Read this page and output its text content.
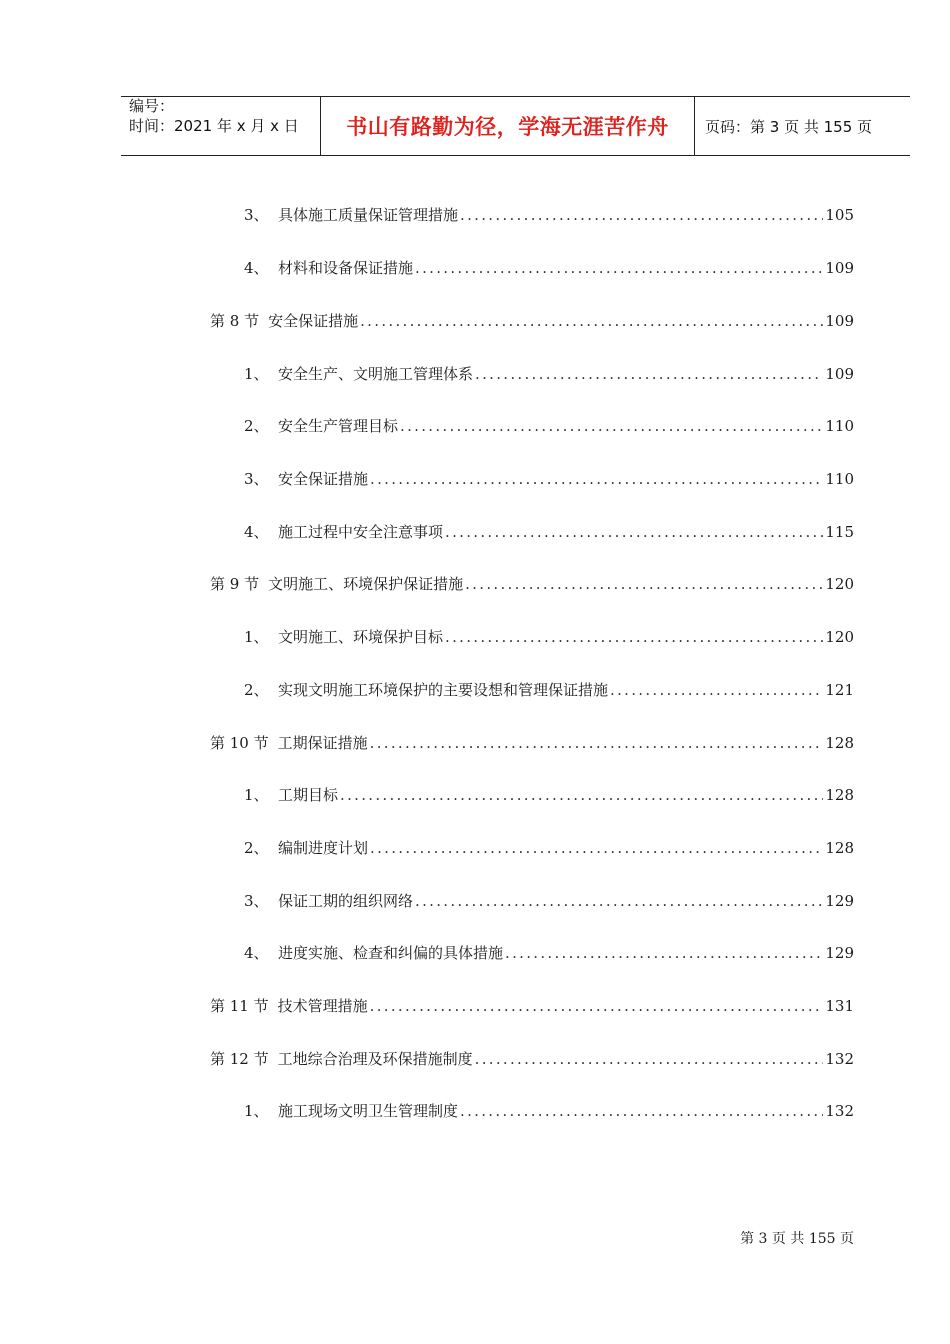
编号：
时间：2021 年 x 月 x 日 书山有路勤为径，学海无涯苦作舟 页码：第 3 页 共 155 页
3、 具体施工质量保证管理措施 .....	105
4、 材料和设备保证措施 .....	109
第 8 节 安全保证措施 .....	109
1、 安全生产、文明施工管理体系 .....	109
2、 安全生产管理目标 .....	110
3、 安全保证措施 .....	110
4、 施工过程中安全注意事项 .....	115
第 9 节 文明施工、环境保护保证措施 .....	120
1、 文明施工、环境保护目标 .....	120
2、 实现文明施工环境保护的主要设想和管理保证措施 .....	121
第 10 节 工期保证措施 .....	128
1、 工期目标 .....	128
2、 编制进度计划 .....	128
3、 保证工期的组织网络 .....	129
4、 进度实施、检查和纠偏的具体措施 .....	129
第 11 节 技术管理措施 .....	131
第 12 节 工地综合治理及环保措施制度 .....	132
1、 施工现场文明卫生管理制度 .....	132
第 3 页 共 155 页
